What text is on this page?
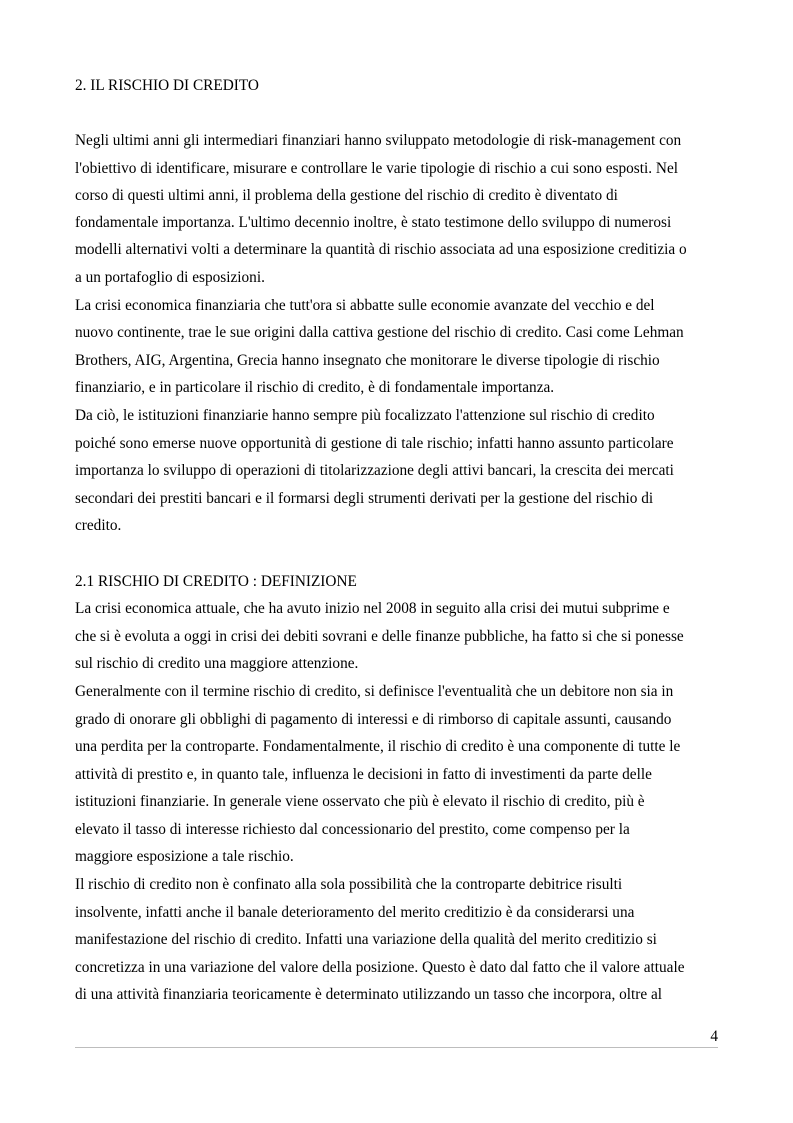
2. IL RISCHIO DI CREDITO
Negli ultimi anni gli intermediari finanziari hanno sviluppato metodologie di risk-management con
l'obiettivo di identificare, misurare e controllare le varie tipologie di rischio a cui sono esposti. Nel
corso di questi ultimi anni, il problema della gestione del rischio di credito è diventato di
fondamentale importanza. L'ultimo decennio inoltre, è stato testimone dello sviluppo di numerosi
modelli alternativi volti a determinare la quantità di rischio associata ad una esposizione creditizia o
a un portafoglio di esposizioni.
La crisi economica finanziaria che tutt'ora si abbatte sulle economie avanzate del vecchio e del
nuovo continente, trae le sue origini dalla cattiva gestione del rischio di credito. Casi come Lehman
Brothers, AIG, Argentina, Grecia hanno insegnato che monitorare le diverse tipologie di rischio
finanziario, e in particolare il rischio di credito, è di fondamentale importanza.
Da ciò, le istituzioni finanziarie hanno sempre più focalizzato l'attenzione sul rischio di credito
poiché sono emerse nuove opportunità di gestione di tale rischio; infatti hanno assunto particolare
importanza lo sviluppo di operazioni di titolarizzazione degli attivi bancari, la crescita dei mercati
secondari dei prestiti bancari e il formarsi degli strumenti derivati per la gestione del rischio di
credito.
2.1 RISCHIO DI CREDITO : DEFINIZIONE
La crisi economica attuale, che ha avuto inizio nel 2008 in seguito alla crisi dei mutui subprime e
che si è evoluta a oggi in crisi dei debiti sovrani e delle finanze pubbliche, ha fatto si che si ponesse
sul rischio di credito una maggiore attenzione.
Generalmente con il termine rischio di credito, si definisce l'eventualità che un debitore non sia in
grado di onorare gli obblighi di pagamento di interessi e di rimborso di capitale assunti, causando
una perdita per la controparte. Fondamentalmente, il rischio di credito è una componente di tutte le
attività di prestito e, in quanto tale, influenza le decisioni in fatto di investimenti da parte delle
istituzioni finanziarie. In generale viene osservato che più è elevato il rischio di credito, più è
elevato il tasso di interesse richiesto dal concessionario del prestito, come compenso per la
maggiore esposizione a tale rischio.
Il rischio di credito non è confinato alla sola possibilità che la controparte debitrice risulti
insolvente, infatti anche il banale deterioramento del merito creditizio è da considerarsi una
manifestazione del rischio di credito. Infatti una variazione della qualità del merito creditizio si
concretizza in una variazione del valore della posizione. Questo è dato dal fatto che il valore attuale
di una attività finanziaria teoricamente è determinato utilizzando un tasso che incorpora, oltre al
4
